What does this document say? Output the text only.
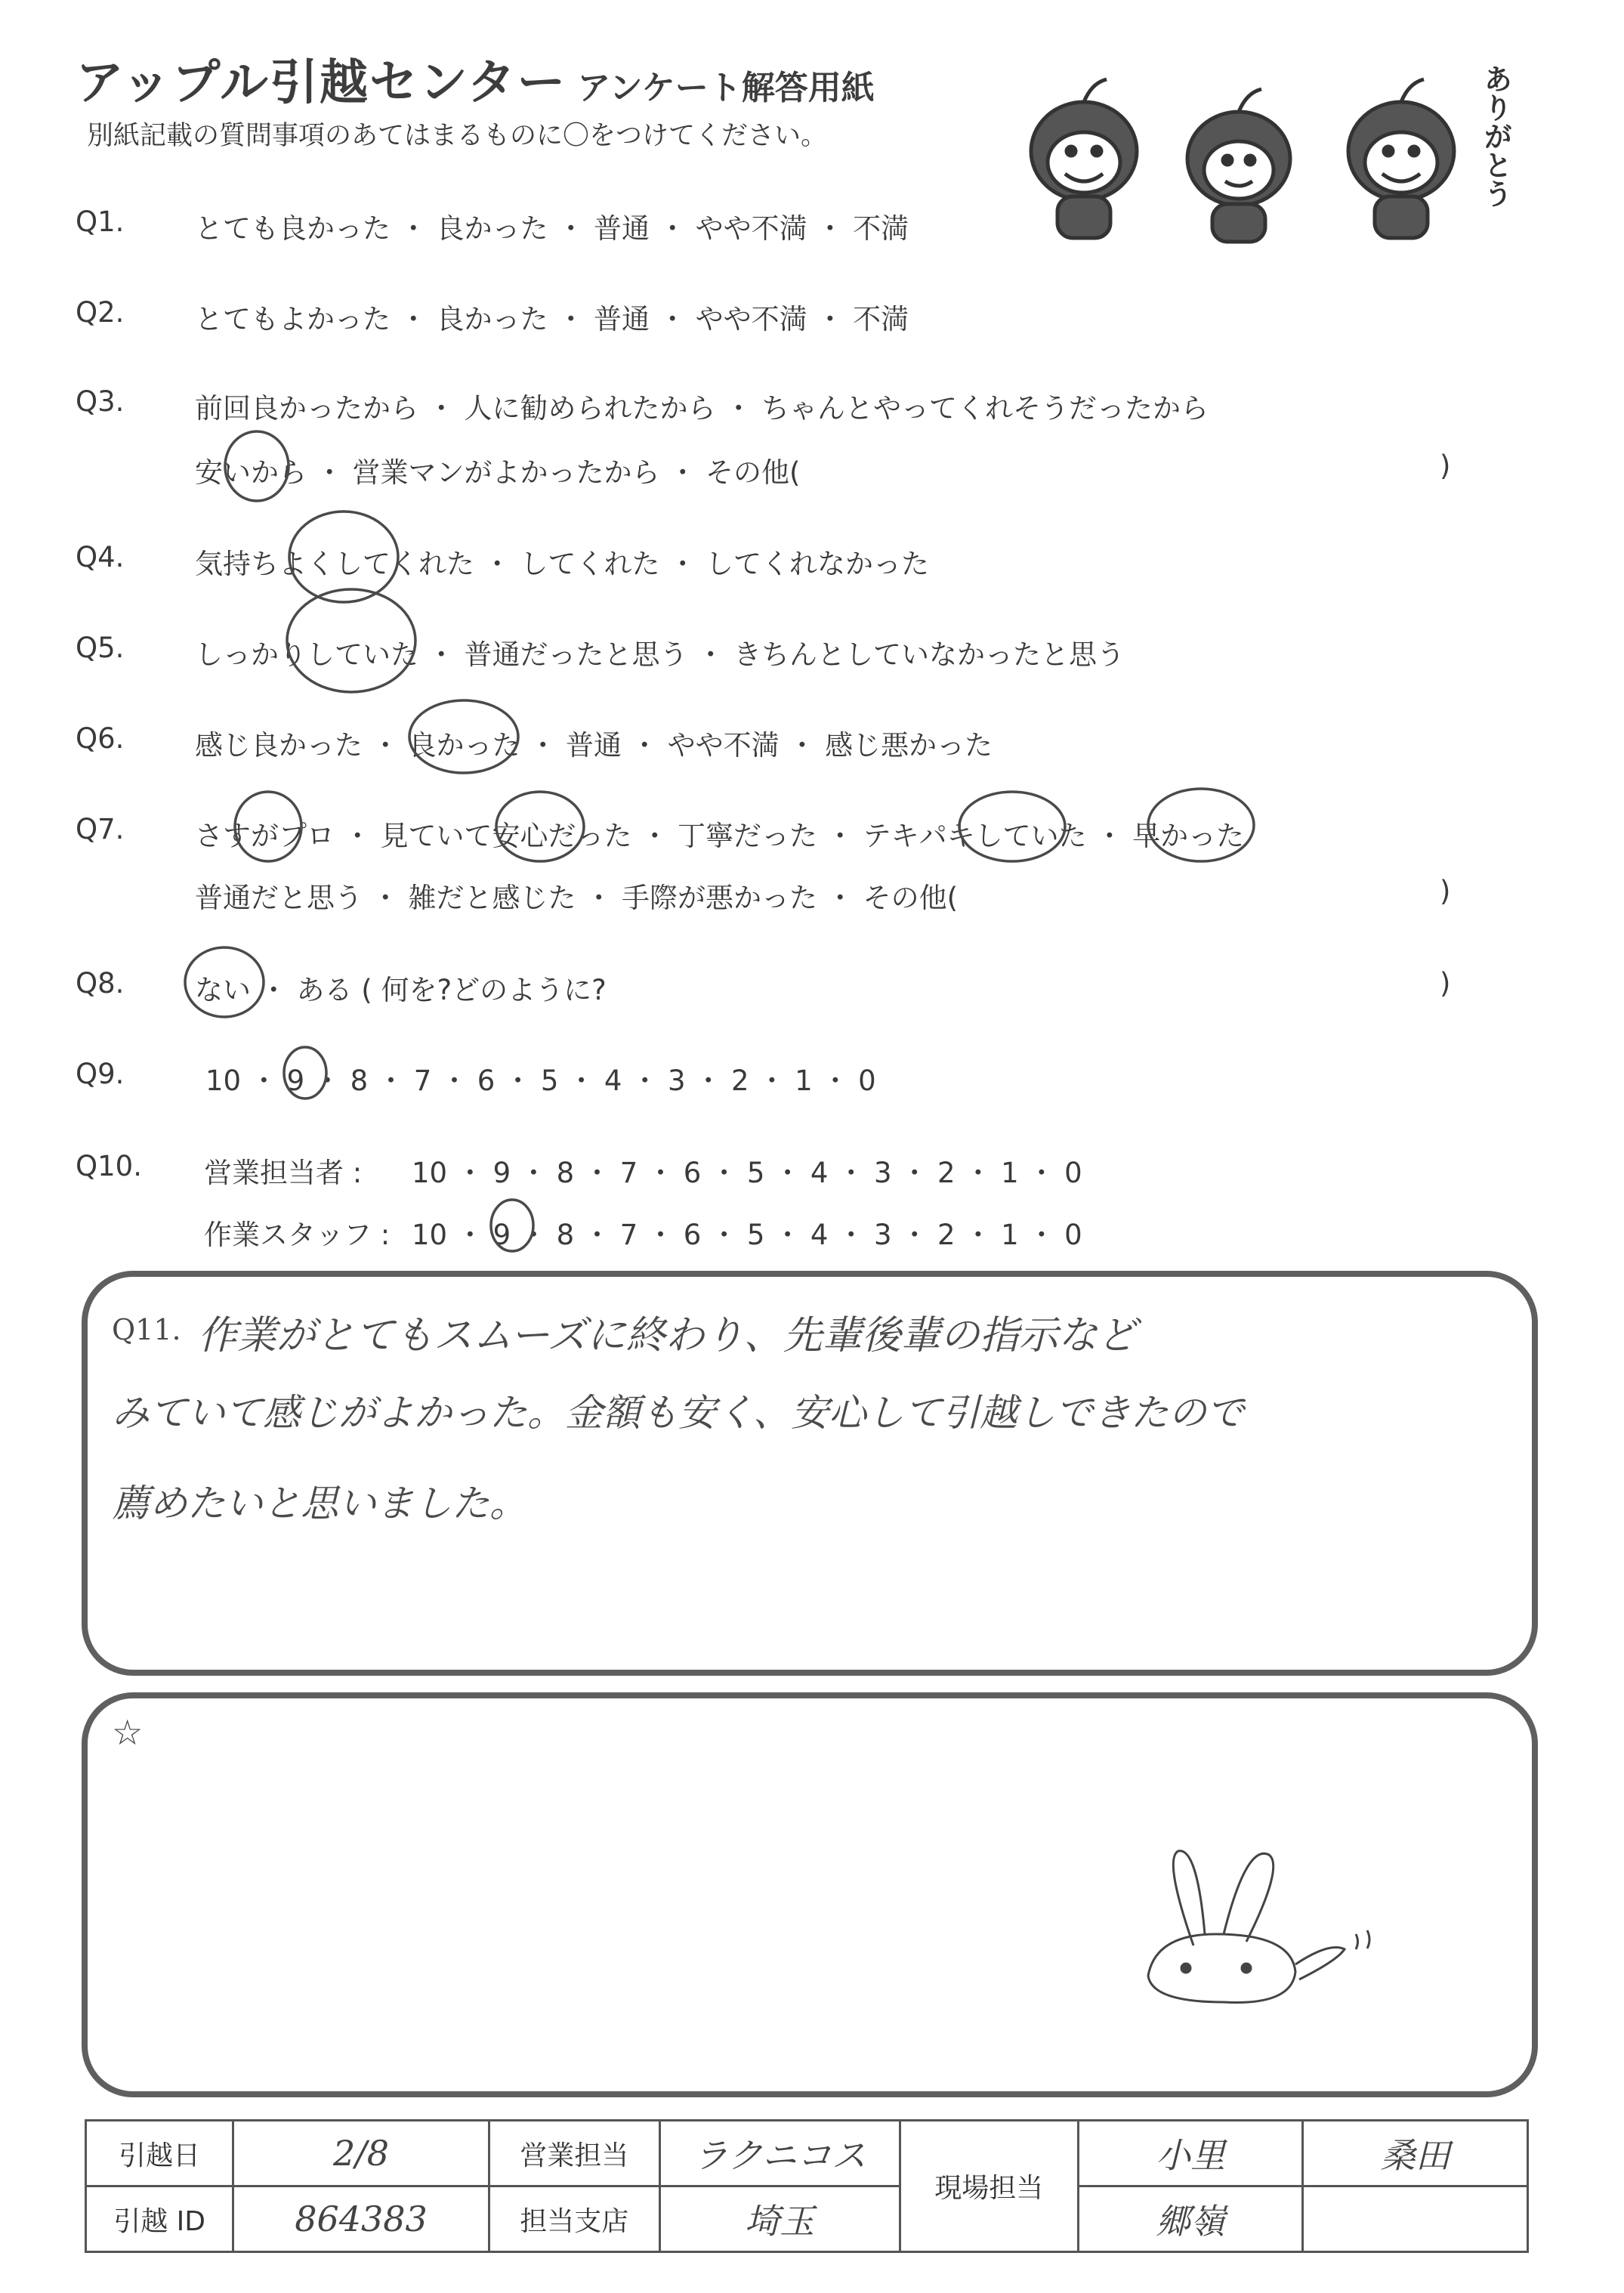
アップル引越センター アンケート解答用紙
別紙記載の質問事項のあてはまるものに〇をつけてください。	ありがとう
Q1.	とても良かった ・ 良かった ・ 普通 ・ やや不満 ・ 不満
Q2.	とてもよかった ・ 良かった ・ 普通 ・ やや不満 ・ 不満
Q3.	前回良かったから ・ 人に勧められたから ・ ちゃんとやってくれそうだったから
安いから ・ 営業マンがよかったから ・ その他(	)
Q4.	気持ちよくしてくれた ・ してくれた ・ してくれなかった
Q5.	しっかりしていた ・ 普通だったと思う ・ きちんとしていなかったと思う
Q6.	感じ良かった ・ 良かった ・ 普通 ・ やや不満 ・ 感じ悪かった
Q7.	さすがプロ ・ 見ていて安心だった ・ 丁寧だった ・ テキパキしていた ・ 早かった
普通だと思う ・ 雑だと感じた ・ 手際が悪かった ・ その他(	)
Q8.	ない ・ ある ( 何を?どのように?	)
Q9.	10 ・ 9 ・ 8 ・ 7 ・ 6 ・ 5 ・ 4 ・ 3 ・ 2 ・ 1 ・ 0
Q10. 営業担当者 : 10 ・ 9 ・ 8 ・ 7 ・ 6 ・ 5 ・ 4 ・ 3 ・ 2 ・ 1 ・ 0
作業スタッフ : 10 ・ 9 ・ 8 ・ 7 ・ 6 ・ 5 ・ 4 ・ 3 ・ 2 ・ 1 ・ 0
Q11. 作業がとてもスムーズに終わり、先輩後輩の指示など
みていて感じがよかった。金額も安く、安心して引越しできたので
薦めたいと思いました。
☆
引越日	2/8	営業担当	ラクニコス	現場担当	小里	桑田
引越 ID	864383	担当支店	埼玉		郷嶺	
